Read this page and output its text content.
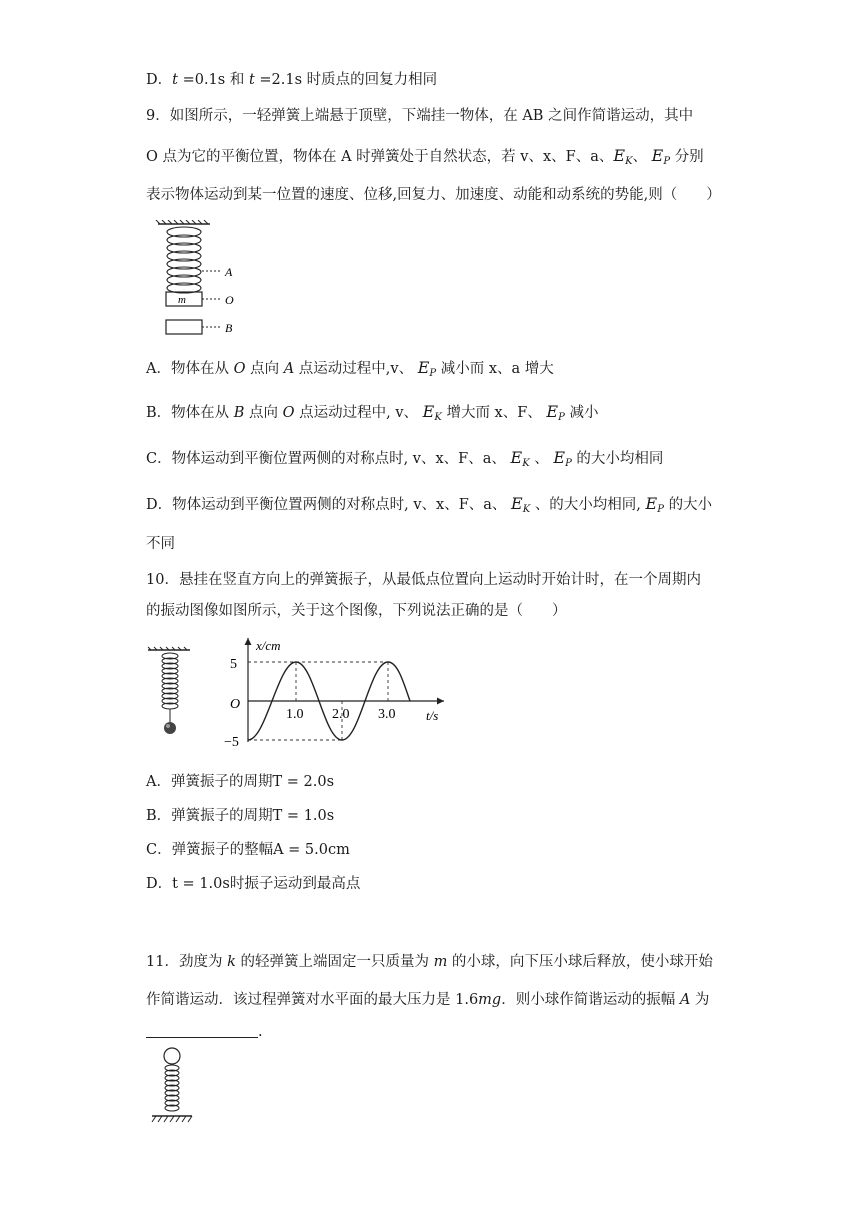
D．t =0.1s 和 t =2.1s 时质点的回复力相同
9．如图所示，一轻弹簧上端悬于顶壁，下端挂一物体，在 AB 之间作简谐运动，其中
O 点为它的平衡位置，物体在 A 时弹簧处于自然状态，若 v、x、F、a、$E_K$、 $E_P$ 分别
表示物体运动到某一位置的速度、位移,回复力、加速度、动能和动系统的势能,则（　　）
A
m	O
B
A．物体在从 O 点向 A 点运动过程中,v、 $E_P$ 减小而 x、a 增大
B．物体在从 B 点向 O 点运动过程中, v、 $E_K$ 增大而 x、F、 $E_P$ 减小
C．物体运动到平衡位置两侧的对称点时, v、x、F、a、 $E_K$ 、 $E_P$ 的大小均相同
D．物体运动到平衡位置两侧的对称点时, v、x、F、a、 $E_K$ 、的大小均相同, $E_P$ 的大小
不同
10．悬挂在竖直方向上的弹簧振子，从最低点位置向上运动时开始计时，在一个周期内
的振动图像如图所示，关于这个图像，下列说法正确的是（　　）
x/cm
t/s
5
−5
O
1.0 2.0 3.0
A．弹簧振子的周期T = 2.0s
B．弹簧振子的周期T = 1.0s
C．弹簧振子的整幅A = 5.0cm
D．t = 1.0s时振子运动到最高点
11．劲度为 k 的轻弹簧上端固定一只质量为 m 的小球，向下压小球后释放，使小球开始
作简谐运动．该过程弹簧对水平面的最大压力是 1.6mg．则小球作简谐运动的振幅 A 为
.
